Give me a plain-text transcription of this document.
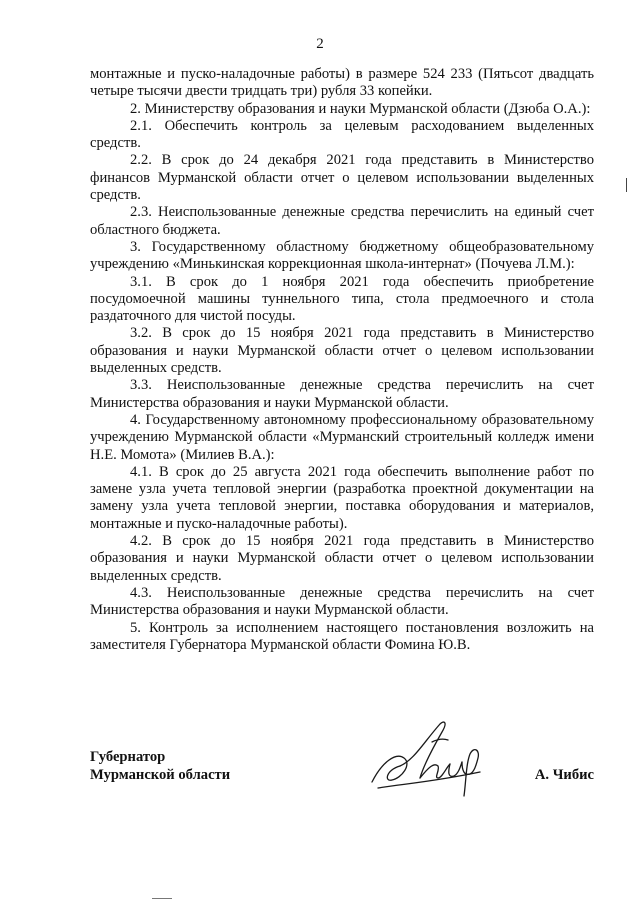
2

монтажные и пуско-наладочные работы) в размере 524 233 (Пятьсот двадцать четыре тысячи двести тридцать три) рубля 33 копейки.

2. Министерству образования и науки Мурманской области (Дзюба О.А.):

2.1. Обеспечить контроль за целевым расходованием выделенных средств.

2.2. В срок до 24 декабря 2021 года представить в Министерство финансов Мурманской области отчет о целевом использовании выделенных средств.

2.3. Неиспользованные денежные средства перечислить на единый счет областного бюджета.

3. Государственному областному бюджетному общеобразовательному учреждению «Минькинская коррекционная школа-интернат» (Почуева Л.М.):

3.1. В срок до 1 ноября 2021 года обеспечить приобретение посудомоечной машины туннельного типа, стола предмоечного и стола раздаточного для чистой посуды.

3.2. В срок до 15 ноября 2021 года представить в Министерство образования и науки Мурманской области отчет о целевом использовании выделенных средств.

3.3. Неиспользованные денежные средства перечислить на счет Министерства образования и науки Мурманской области.

4. Государственному автономному профессиональному образовательному учреждению Мурманской области «Мурманский строительный колледж имени Н.Е. Момота» (Милиев В.А.):

4.1. В срок до 25 августа 2021 года обеспечить выполнение работ по замене узла учета тепловой энергии (разработка проектной документации на замену узла учета тепловой энергии, поставка оборудования и материалов, монтажные и пуско-наладочные работы).

4.2. В срок до 15 ноября 2021 года представить в Министерство образования и науки Мурманской области отчет о целевом использовании выделенных средств.

4.3. Неиспользованные денежные средства перечислить на счет Министерства образования и науки Мурманской области.

5. Контроль за исполнением настоящего постановления возложить на заместителя Губернатора Мурманской области Фомина Ю.В.

Губернатор
Мурманской области	А. Чибис
